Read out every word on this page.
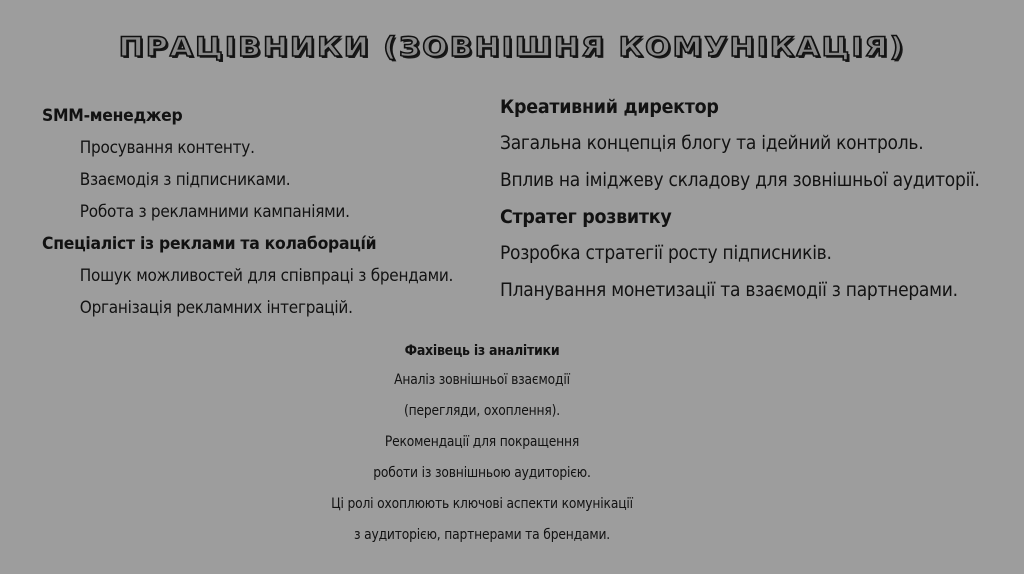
ПРАЦІВНИКИ (ЗОВНІШНЯ КОМУНІКАЦІЯ)
SMM-менеджер
Просування контенту.
Взаємодія з підписниками.
Робота з рекламними кампаніями.
Спеціаліст із реклами та колабораці́й
Пошук можливостей для співпраці з брендами.
Організація рекламних інтеграцій.
Креативний директор
Загальна концепція блогу та ідейний контроль.
Вплив на іміджеву складову для зовнішньої аудиторії.
Стратег розвитку
Розробка стратегії росту підписників.
Планування монетизації та взаємодії з партнерами.
Фахівець із аналітики
Аналіз зовнішньої взаємодії
(перегляди, охоплення).
Рекомендації для покращення
роботи із зовнішньою аудиторією.
Ці ролі охоплюють ключові аспекти комунікації
з аудиторією, партнерами та брендами.
